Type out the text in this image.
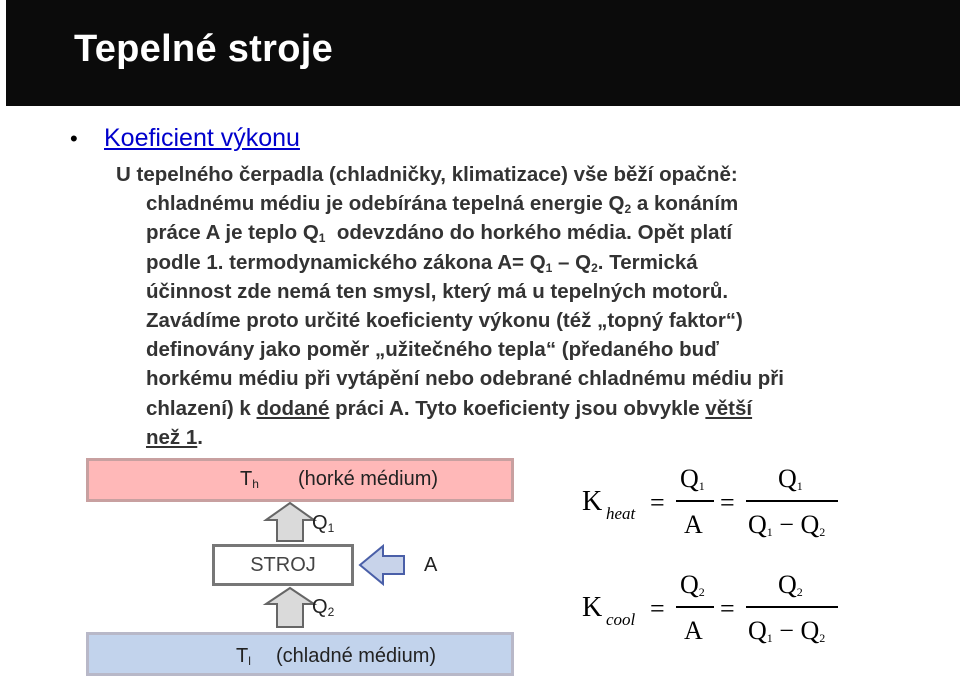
Tepelné stroje
• Koeficient výkonu
U tepelného čerpadla (chladničky, klimatizace) vše běží opačně:
chladnému médiu je odebírána tepelná energie $Q_2$ a konáním
práce A je teplo $Q_1$  odevzdáno do horkého média. Opět platí
podle 1. termodynamického zákona $A= Q_1 - Q_2$. Termická
účinnost zde nemá ten smysl, který má u tepelných motorů.
Zavádíme proto určité koeficienty výkonu (též „topný faktor“)
definovány jako poměr „užitečného tepla“ (předaného buď
horkému médiu při vytápění nebo odebrané chladnému médiu při
chlazení) k dodané práci A. Tyto koeficienty jsou obvykle větší
než 1.
$T_h$ (horké médium)
$Q_1$
STROJ	A
$Q_2$
$T_l$ (chladné médium)
K heat =
$Q_1$
A
=
$Q_1$
$Q_1 - Q_2$
K cool =
$Q_2$
A
=
$Q_2$
$Q_1 - Q_2$
